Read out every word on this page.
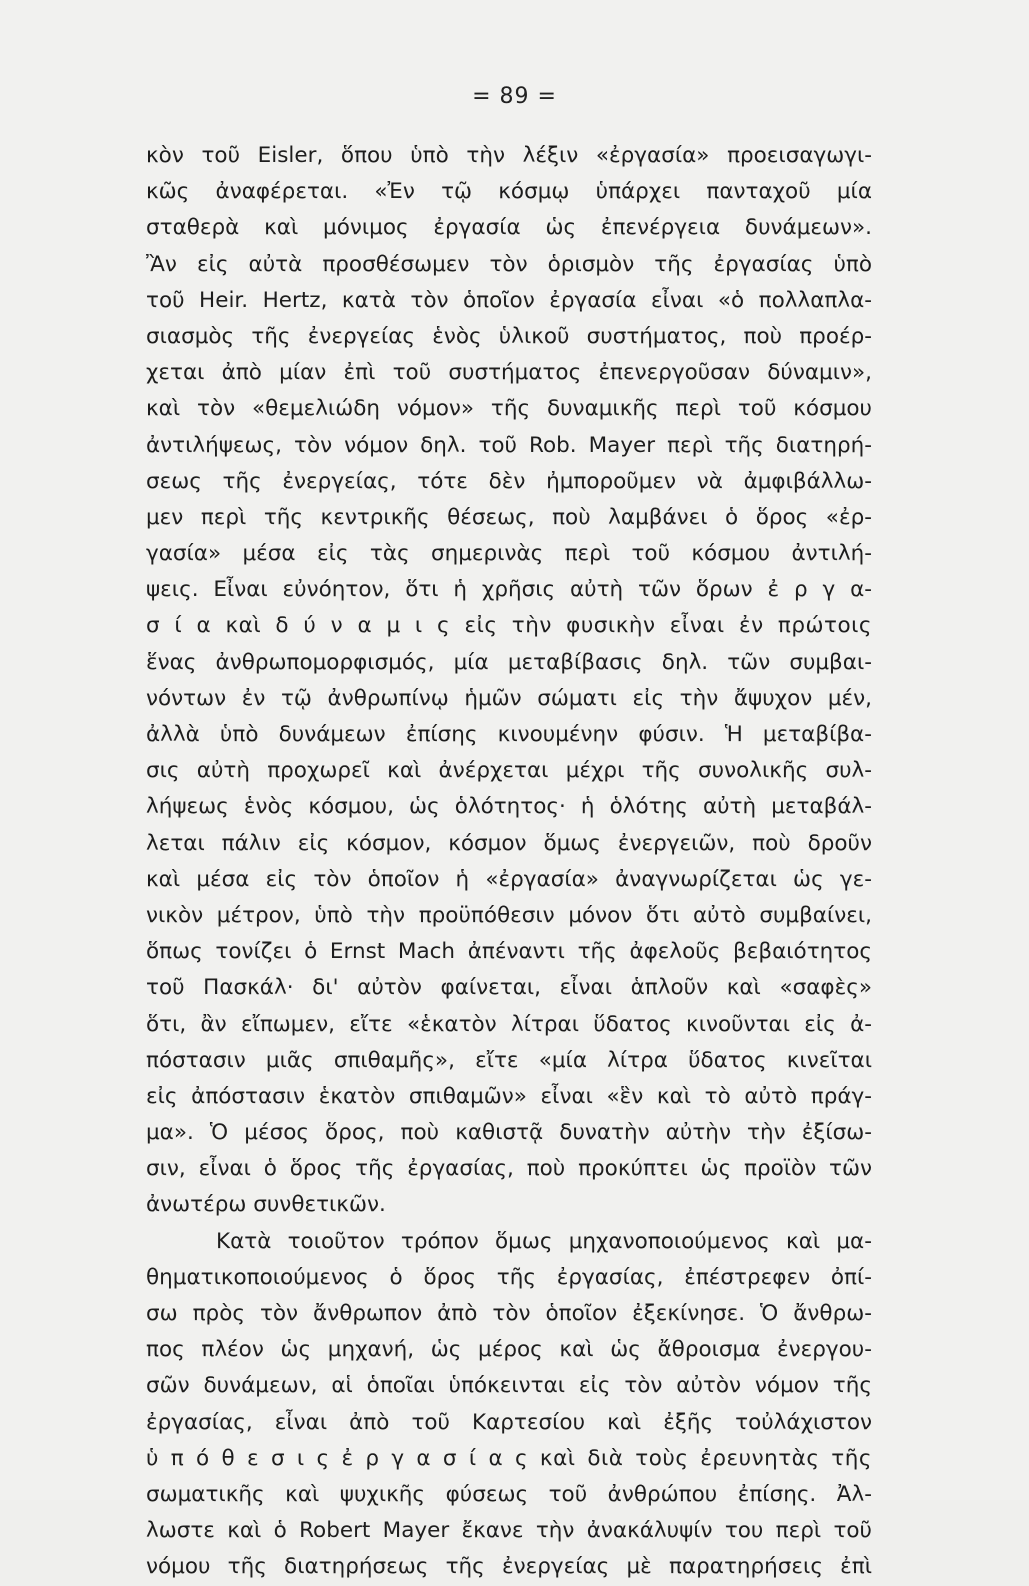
= 89 =
κὸν τοῦ Eisler, ὅπου ὑπὸ τὴν λέξιν «ἐργασία» προεισαγωγι-
κῶς ἀναφέρεται. «Ἐν τῷ κόσμῳ ὑπάρχει πανταχοῦ μία
σταθερὰ καὶ μόνιμος ἐργασία ὡς ἐπενέργεια δυνάμεων».
Ἂν εἰς αὐτὰ προσθέσωμεν τὸν ὁρισμὸν τῆς ἐργασίας ὑπὸ
τοῦ Heir. Hertz, κατὰ τὸν ὁποῖον ἐργασία εἶναι «ὁ πολλαπλα-
σιασμὸς τῆς ἐνεργείας ἑνὸς ὑλικοῦ συστήματος, ποὺ προέρ-
χεται ἀπὸ μίαν ἐπὶ τοῦ συστήματος ἐπενεργοῦσαν δύναμιν»,
καὶ τὸν «θεμελιώδη νόμον» τῆς δυναμικῆς περὶ τοῦ κόσμου
ἀντιλήψεως, τὸν νόμον δηλ. τοῦ Rob. Mayer περὶ τῆς διατηρή-
σεως τῆς ἐνεργείας, τότε δὲν ἠμποροῦμεν νὰ ἀμφιβάλλω-
μεν περὶ τῆς κεντρικῆς θέσεως, ποὺ λαμβάνει ὁ ὅρος «ἐρ-
γασία» μέσα εἰς τὰς σημερινὰς περὶ τοῦ κόσμου ἀντιλή-
ψεις. Εἶναι εὐνόητον, ὅτι ἡ χρῆσις αὐτὴ τῶν ὅρων ἐ ρ γ α-
σ ί α καὶ δ ύ ν α μ ι ς εἰς τὴν φυσικὴν εἶναι ἐν πρώτοις
ἕνας ἀνθρωπομορφισμός, μία μεταβίβασις δηλ. τῶν συμβαι-
νόντων ἐν τῷ ἀνθρωπίνῳ ἡμῶν σώματι εἰς τὴν ἄψυχον μέν,
ἀλλὰ ὑπὸ δυνάμεων ἐπίσης κινουμένην φύσιν. Ἡ μεταβίβα-
σις αὐτὴ προχωρεῖ καὶ ἀνέρχεται μέχρι τῆς συνολικῆς συλ-
λήψεως ἑνὸς κόσμου, ὡς ὁλότητος· ἡ ὁλότης αὐτὴ μεταβάλ-
λεται πάλιν εἰς κόσμον, κόσμον ὅμως ἐνεργειῶν, ποὺ δροῦν
καὶ μέσα εἰς τὸν ὁποῖον ἡ «ἐργασία» ἀναγνωρίζεται ὡς γε-
νικὸν μέτρον, ὑπὸ τὴν προϋπόθεσιν μόνον ὅτι αὐτὸ συμβαίνει,
ὅπως τονίζει ὁ Ernst Mach ἀπέναντι τῆς ἀφελοῦς βεβαιότητος
τοῦ Πασκάλ· δι' αὐτὸν φαίνεται, εἶναι ἁπλοῦν καὶ «σαφὲς»
ὅτι, ἂν εἴπωμεν, εἴτε «ἑκατὸν λίτραι ὕδατος κινοῦνται εἰς ἀ-
πόστασιν μιᾶς σπιθαμῆς», εἴτε «μία λίτρα ὕδατος κινεῖται
εἰς ἀπόστασιν ἑκατὸν σπιθαμῶν» εἶναι «ἓν καὶ τὸ αὐτὸ πράγ-
μα». Ὁ μέσος ὅρος, ποὺ καθιστᾷ δυνατὴν αὐτὴν τὴν ἐξίσω-
σιν, εἶναι ὁ ὅρος τῆς ἐργασίας, ποὺ προκύπτει ὡς προϊὸν τῶν
ἀνωτέρω συνθετικῶν.
Κατὰ τοιοῦτον τρόπον ὅμως μηχανοποιούμενος καὶ μα-
θηματικοποιούμενος ὁ ὅρος τῆς ἐργασίας, ἐπέστρεφεν ὀπί-
σω πρὸς τὸν ἄνθρωπον ἀπὸ τὸν ὁποῖον ἐξεκίνησε. Ὁ ἄνθρω-
πος πλέον ὡς μηχανή, ὡς μέρος καὶ ὡς ἄθροισμα ἐνεργου-
σῶν δυνάμεων, αἱ ὁποῖαι ὑπόκεινται εἰς τὸν αὐτὸν νόμον τῆς
ἐργασίας, εἶναι ἀπὸ τοῦ Καρτεσίου καὶ ἐξῆς τοὐλάχιστον
ὑ π ό θ ε σ ι ς ἐ ρ γ α σ ί α ς καὶ διὰ τοὺς ἐρευνητὰς τῆς
σωματικῆς καὶ ψυχικῆς φύσεως τοῦ ἀνθρώπου ἐπίσης. Ἀλ-
λωστε καὶ ὁ Robert Mayer ἔκανε τὴν ἀνακάλυψίν του περὶ τοῦ
νόμου τῆς διατηρήσεως τῆς ἐνεργείας μὲ παρατηρήσεις ἐπὶ
